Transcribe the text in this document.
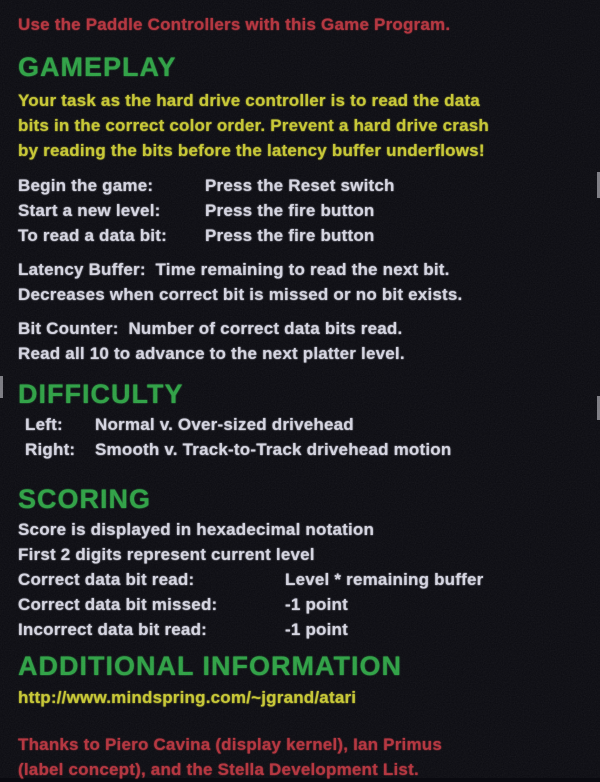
Use the Paddle Controllers with this Game Program.
GAMEPLAY
Your task as the hard drive controller is to read the data
bits in the correct color order. Prevent a hard drive crash
by reading the bits before the latency buffer underflows!
Begin the game:	Press the Reset switch
Start a new level:	Press the fire button
To read a data bit:	Press the fire button
Latency Buffer:  Time remaining to read the next bit.
Decreases when correct bit is missed or no bit exists.
Bit Counter:  Number of correct data bits read.
Read all 10 to advance to the next platter level.
DIFFICULTY
Left:	Normal v. Over-sized drivehead
Right:	Smooth v. Track-to-Track drivehead motion
SCORING
Score is displayed in hexadecimal notation
First 2 digits represent current level
Correct data bit read:	Level * remaining buffer
Correct data bit missed:	-1 point
Incorrect data bit read:	-1 point
ADDITIONAL INFORMATION
http://www.mindspring.com/~jgrand/atari
Thanks to Piero Cavina (display kernel), Ian Primus
(label concept), and the Stella Development List.
